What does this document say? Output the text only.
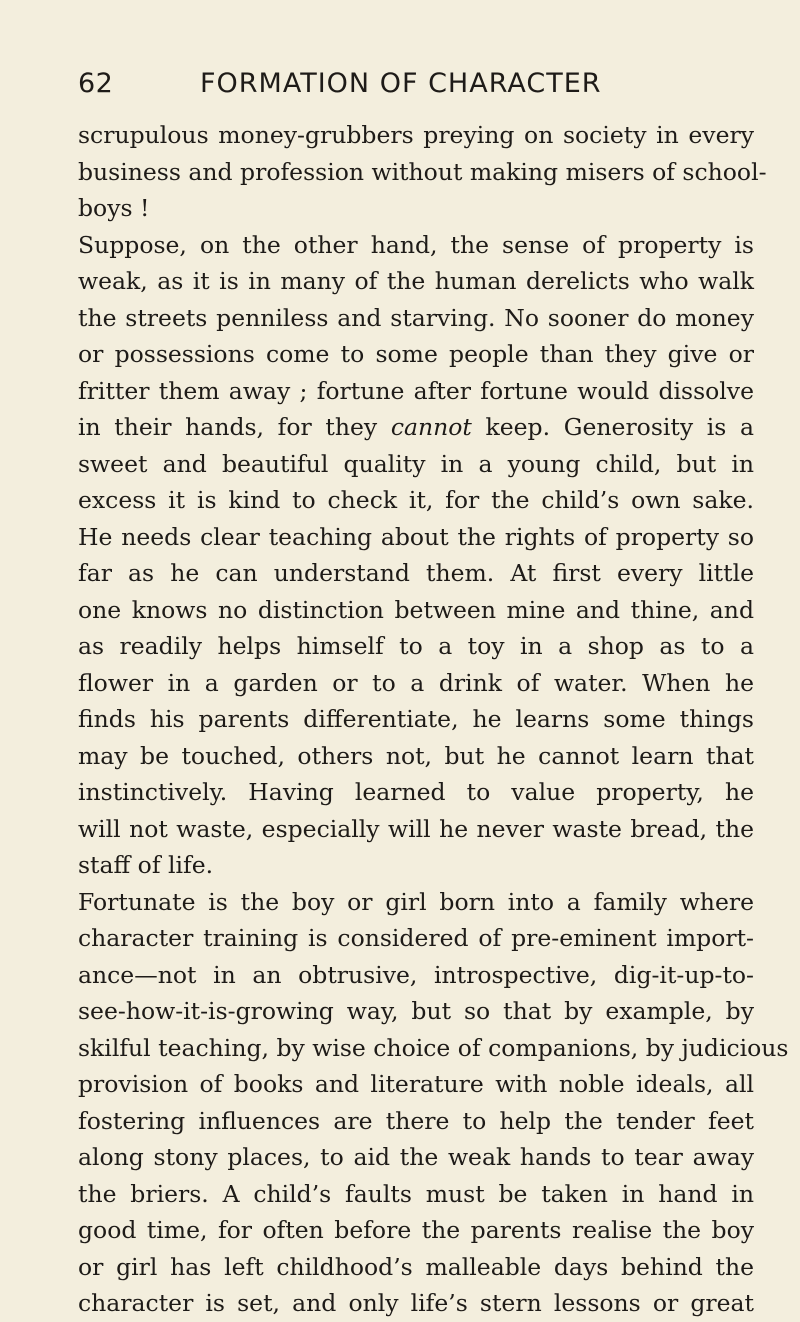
62	FORMATION OF CHARACTER
scrupulous money-grubbers preying on society in every
business and profession without making misers of school-
boys !
Suppose, on the other hand, the sense of property is
weak, as it is in many of the human derelicts who walk
the streets penniless and starving. No sooner do money
or possessions come to some people than they give or
fritter them away ; fortune after fortune would dissolve
in their hands, for they cannot keep. Generosity is a
sweet and beautiful quality in a young child, but in
excess it is kind to check it, for the child’s own sake.
He needs clear teaching about the rights of property so
far as he can understand them. At first every little
one knows no distinction between mine and thine, and
as readily helps himself to a toy in a shop as to a
flower in a garden or to a drink of water. When he
finds his parents differentiate, he learns some things
may be touched, others not, but he cannot learn that
instinctively. Having learned to value property, he
will not waste, especially will he never waste bread, the
staff of life.
Fortunate is the boy or girl born into a family where
character training is considered of pre-eminent import-
ance—not in an obtrusive, introspective, dig-it-up-to-
see-how-it-is-growing way, but so that by example, by
skilful teaching, by wise choice of companions, by judicious
provision of books and literature with noble ideals, all
fostering influences are there to help the tender feet
along stony places, to aid the weak hands to tear away
the briers. A child’s faults must be taken in hand in
good time, for often before the parents realise the boy
or girl has left childhood’s malleable days behind the
character is set, and only life’s stern lessons or great
